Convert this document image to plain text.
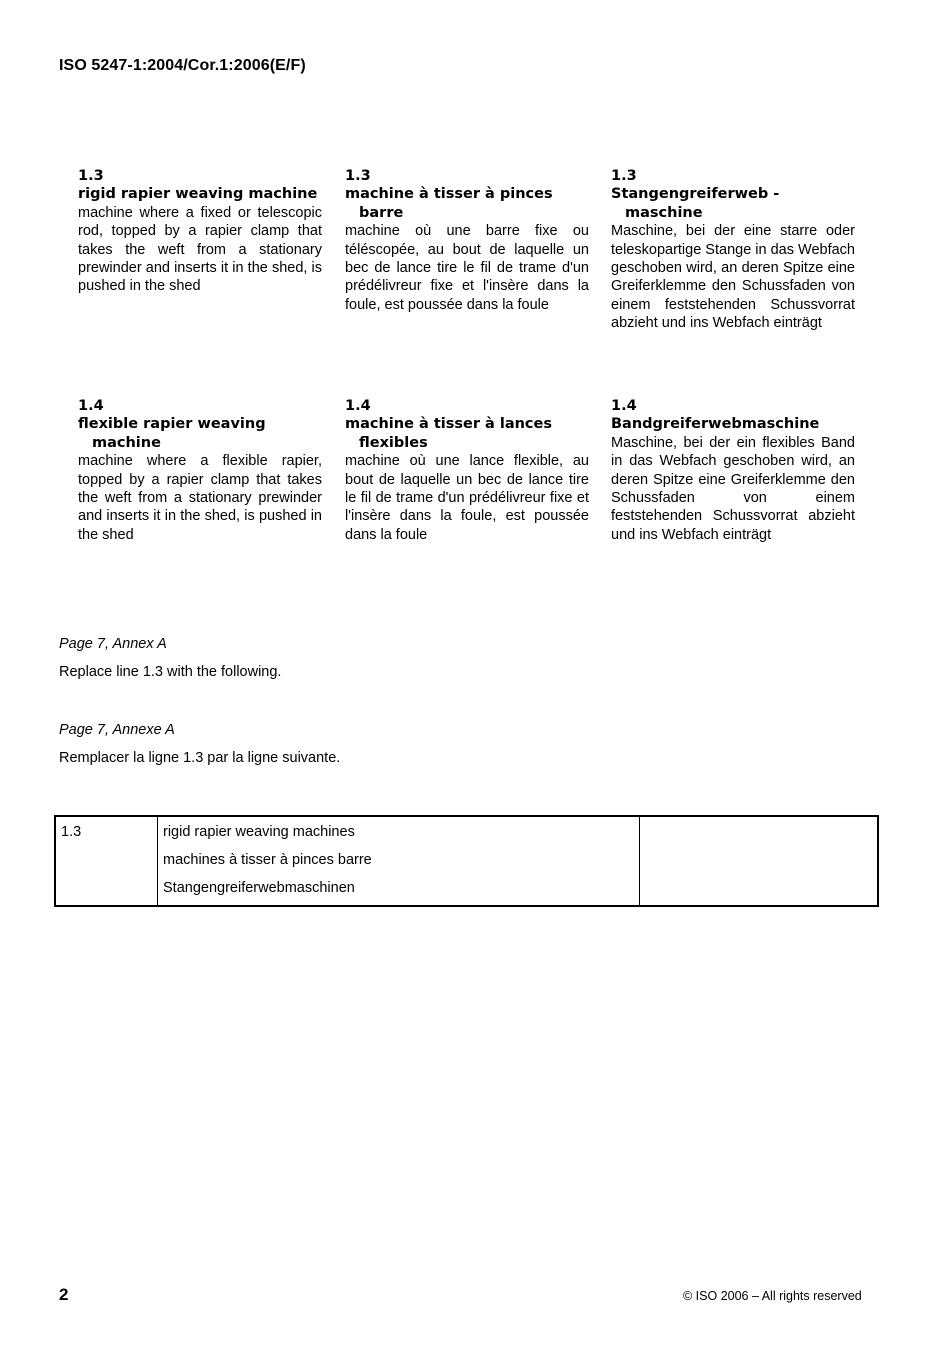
ISO 5247-1:2004/Cor.1:2006(E/F)
1.3
rigid rapier weaving machine
machine where a fixed or telescopic rod, topped by a rapier clamp that takes the weft from a stationary prewinder and inserts it in the shed, is pushed in the shed
1.3
machine à tisser à pinces barre
machine où une barre fixe ou téléscopée, au bout de laquelle un bec de lance tire le fil de trame d'un prédélivreur fixe et l'insère dans la foule, est poussée dans la foule
1.3
Stangengreiferweb - maschine
Maschine, bei der eine starre oder teleskopartige Stange in das Webfach geschoben wird, an deren Spitze eine Greiferklemme den Schussfaden von einem feststehenden Schussvorrat abzieht und ins Webfach einträgt
1.4
flexible rapier weaving machine
machine where a flexible rapier, topped by a rapier clamp that takes the weft from a stationary prewinder and inserts it in the shed, is pushed in the shed
1.4
machine à tisser à lances flexibles
machine où une lance flexible, au bout de laquelle un bec de lance tire le fil de trame d'un prédélivreur fixe et l'insère dans la foule, est poussée dans la foule
1.4
Bandgreiferwebmaschine
Maschine, bei der ein flexibles Band in das Webfach geschoben wird, an deren Spitze eine Greiferklemme den Schussfaden von einem feststehenden Schussvorrat abzieht und ins Webfach einträgt
Page 7, Annex A
Replace line 1.3 with the following.
Page 7, Annexe A
Remplacer la ligne 1.3 par la ligne suivante.
1.3	rigid rapier weaving machines
machines à tisser à pinces barre
Stangengreiferwebmaschinen

2	© ISO 2006 – All rights reserved
